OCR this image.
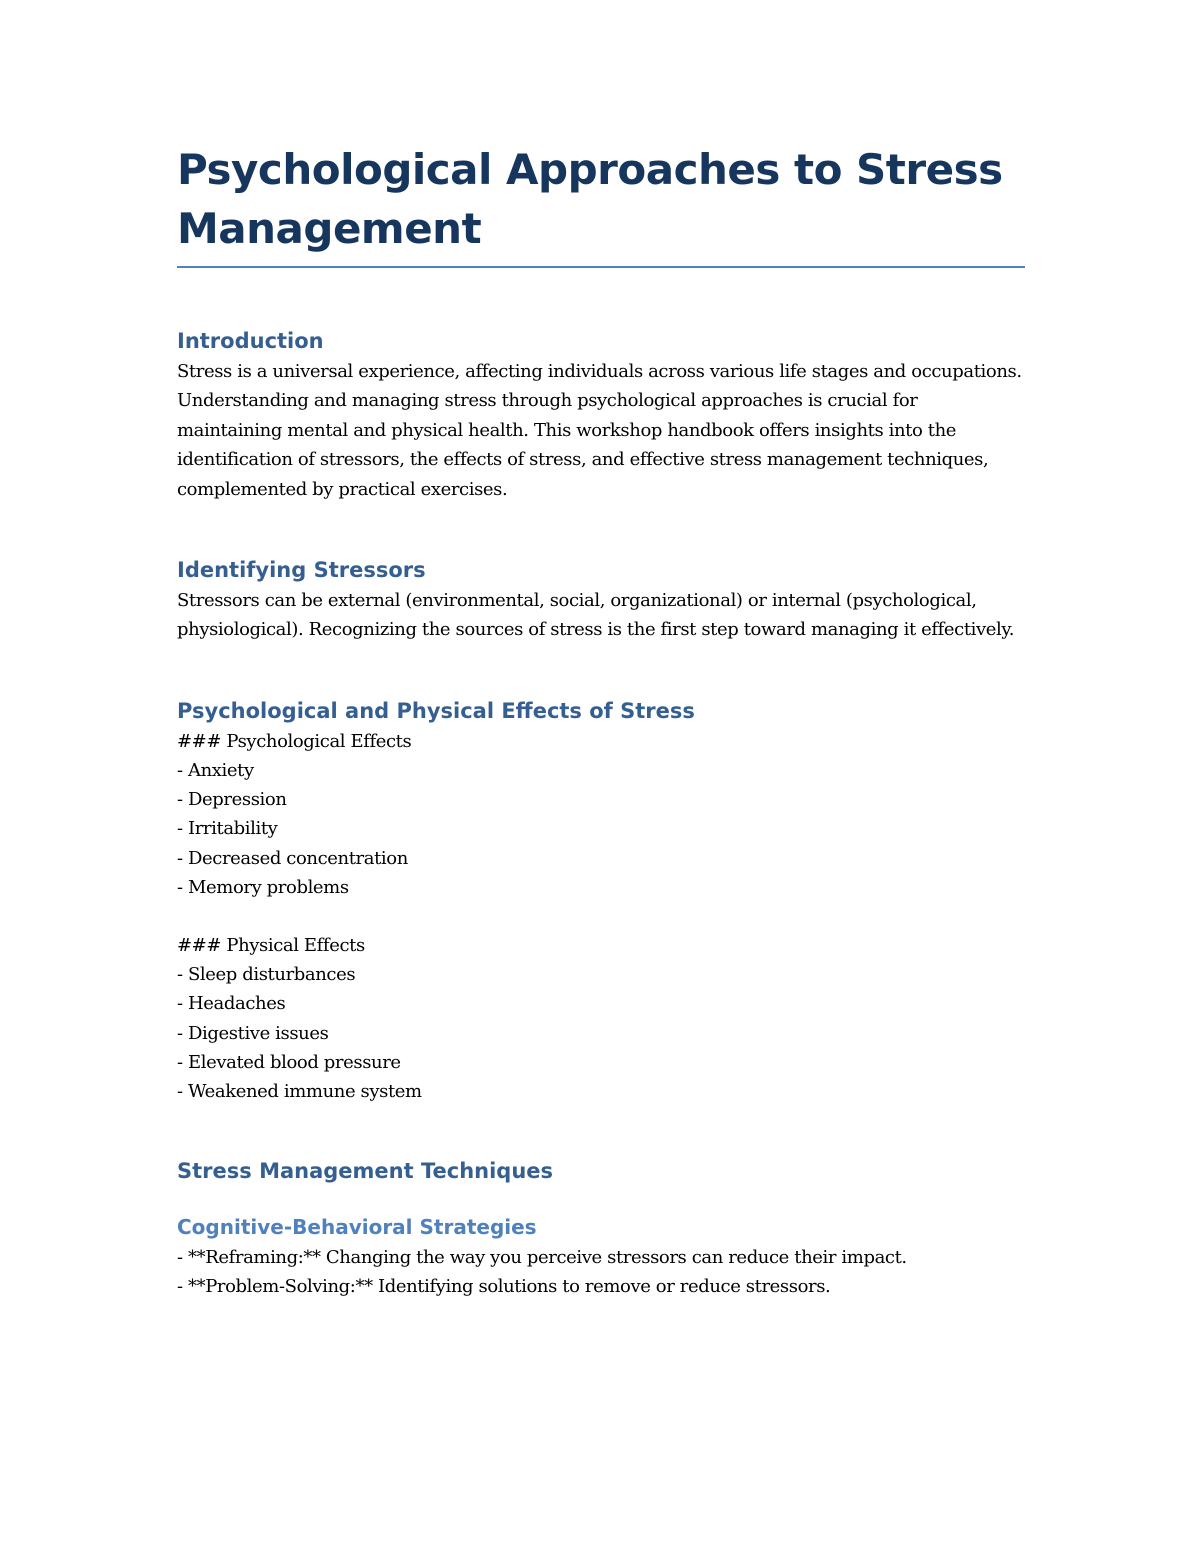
Psychological Approaches to Stress Management
Introduction

Stress is a universal experience, affecting individuals across various life stages and occupations. Understanding and managing stress through psychological approaches is crucial for maintaining mental and physical health. This workshop handbook offers insights into the identification of stressors, the effects of stress, and effective stress management techniques, complemented by practical exercises.

Identifying Stressors

Stressors can be external (environmental, social, organizational) or internal (psychological, physiological). Recognizing the sources of stress is the first step toward managing it effectively.

Psychological and Physical Effects of Stress

### Psychological Effects

- Anxiety

- Depression

- Irritability

- Decreased concentration

- Memory problems

### Physical Effects

- Sleep disturbances

- Headaches

- Digestive issues

- Elevated blood pressure

- Weakened immune system

Stress Management Techniques
Cognitive-Behavioral Strategies

- **Reframing:** Changing the way you perceive stressors can reduce their impact.

- **Problem-Solving:** Identifying solutions to remove or reduce stressors.
